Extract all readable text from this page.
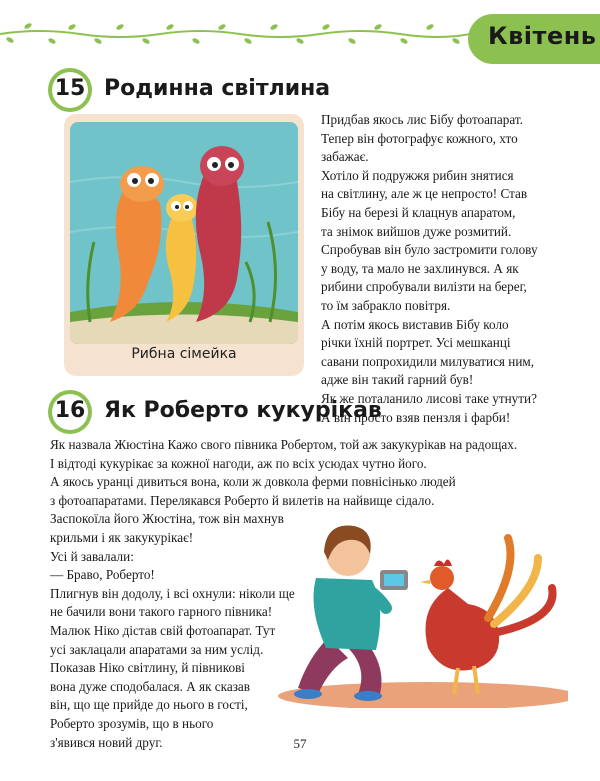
Квітень
15 Родинна світлина
Рибна сімейка

Придбав якось лис Бібу фотоапарат.

Тепер він фотографує кожного, хто

забажає.

Хотіло й подружжя рибин знятися

на світлину, але ж це непросто! Став

Бібу на березі й клацнув апаратом,

та знімок вийшов дуже розмитий.

Спробував він було застромити голову

у воду, та мало не захлинувся. А як

рибини спробували вилізти на берег,

то їм забракло повітря.

А потім якось виставив Бібу коло

річки їхній портрет. Усі мешканці

савани попрохидили милуватися ним,

адже він такий гарний був!

Як же поталанило лисові таке утнути?

А він просто взяв пензля і фарби!

16 Як Роберто кукурікав

Як назвала Жюстіна Кажо свого півника Робертом, той аж закукурікав на радощах.

І відтоді кукурікає за кожної нагоди, аж по всіх усюдах чутно його.

А якось уранці дивиться вона, коли ж довкола ферми повнісінько людей

з фотоапаратами. Перелякався Роберто й вилетів на найвище сідало.

Заспокоїла його Жюстіна, тож він махнув

крильми і як закукурікає!

Усі й завалали:

— Браво, Роберто!

Плигнув він додолу, і всі охнули: ніколи ще

не бачили вони такого гарного півника!

Малюк Ніко дістав свій фотоапарат. Тут

усі заклацали апаратами за ним услід.

Показав Ніко світлину, й півникові

вона дуже сподобалася. А як сказав

він, що ще прийде до нього в гості,

Роберто зрозумів, що в нього

з'явився новий друг.	57
